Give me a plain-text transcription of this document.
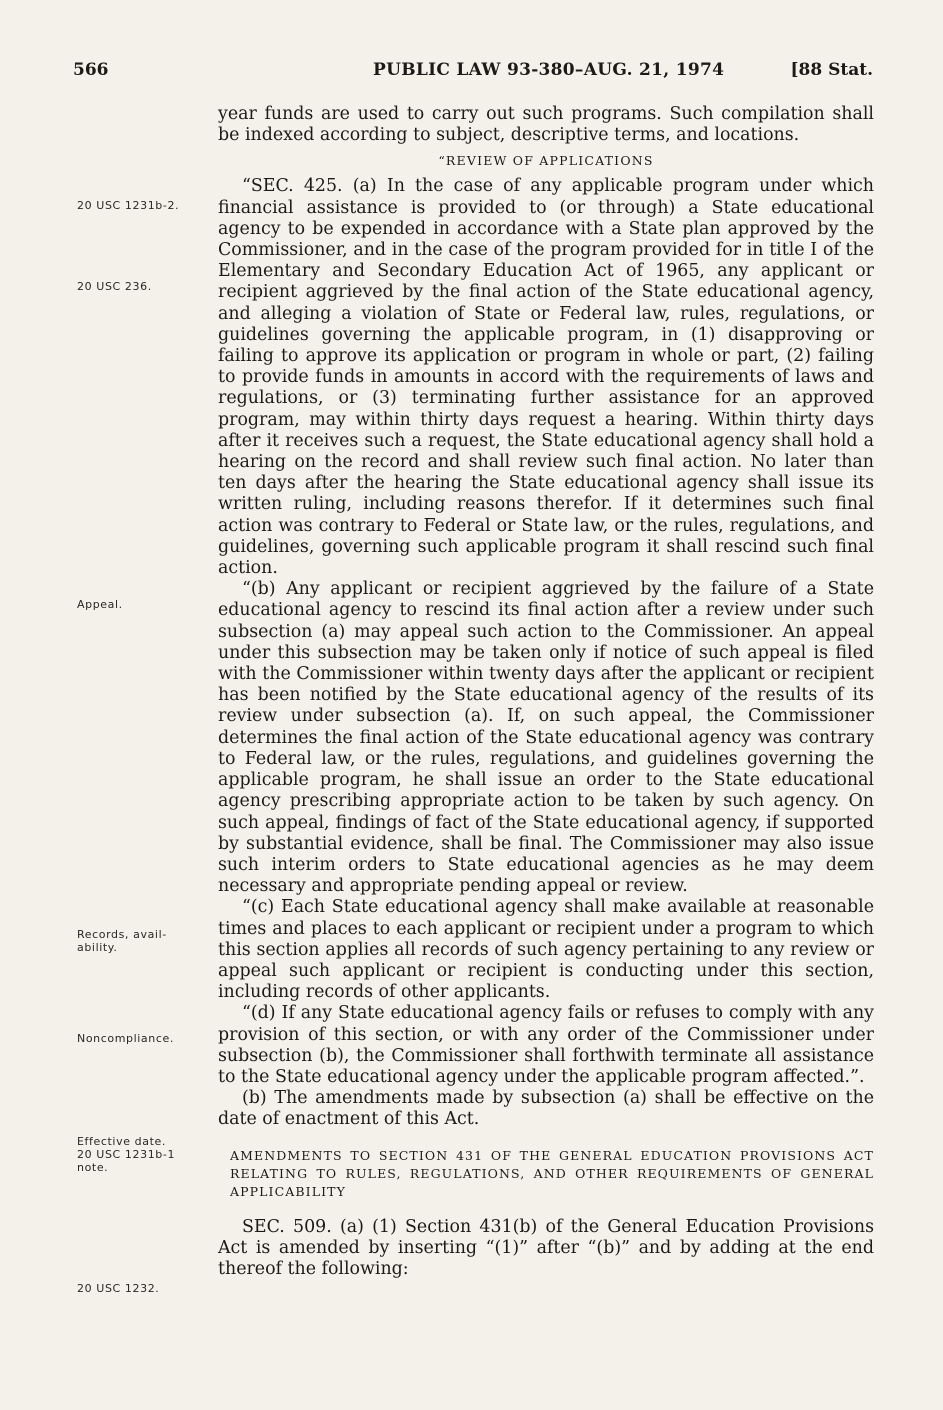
566	PUBLIC LAW 93-380–AUG. 21, 1974	[88 Stat.
20 USC 1231b-2.
20 USC 236.
Appeal.
Records, avail-
ability.
Noncompliance.
Effective date.
20 USC 1231b-1
note.
20 USC 1232.

year funds are used to carry out such programs. Such compilation shall be indexed according to subject, descriptive terms, and locations.

“REVIEW OF APPLICATIONS

“SEC. 425. (a) In the case of any applicable program under which financial assistance is provided to (or through) a State educational agency to be expended in accordance with a State plan approved by the Commissioner, and in the case of the program provided for in title I of the Elementary and Secondary Education Act of 1965, any applicant or recipient aggrieved by the final action of the State educational agency, and alleging a violation of State or Federal law, rules, regulations, or guidelines governing the applicable program, in (1) disapproving or failing to approve its application or program in whole or part, (2) failing to provide funds in amounts in accord with the requirements of laws and regulations, or (3) terminating further assistance for an approved program, may within thirty days request a hearing. Within thirty days after it receives such a request, the State educational agency shall hold a hearing on the record and shall review such final action. No later than ten days after the hearing the State educational agency shall issue its written ruling, including reasons therefor. If it determines such final action was contrary to Federal or State law, or the rules, regulations, and guidelines, governing such applicable program it shall rescind such final action.

“(b) Any applicant or recipient aggrieved by the failure of a State educational agency to rescind its final action after a review under such subsection (a) may appeal such action to the Commissioner. An appeal under this subsection may be taken only if notice of such appeal is filed with the Commissioner within twenty days after the applicant or recipient has been notified by the State educational agency of the results of its review under subsection (a). If, on such appeal, the Commissioner determines the final action of the State educational agency was contrary to Federal law, or the rules, regulations, and guidelines governing the applicable program, he shall issue an order to the State educational agency prescribing appropriate action to be taken by such agency. On such appeal, findings of fact of the State educational agency, if supported by substantial evidence, shall be final. The Commissioner may also issue such interim orders to State educational agencies as he may deem necessary and appropriate pending appeal or review.

“(c) Each State educational agency shall make available at reasonable times and places to each applicant or recipient under a program to which this section applies all records of such agency pertaining to any review or appeal such applicant or recipient is conducting under this section, including records of other applicants.

“(d) If any State educational agency fails or refuses to comply with any provision of this section, or with any order of the Commissioner under subsection (b), the Commissioner shall forthwith terminate all assistance to the State educational agency under the applicable program affected.”.

(b) The amendments made by subsection (a) shall be effective on the date of enactment of this Act.

AMENDMENTS TO SECTION 431 OF THE GENERAL EDUCATION PROVISIONS ACT RELATING TO RULES, REGULATIONS, AND OTHER REQUIREMENTS OF GENERAL APPLICABILITY

SEC. 509. (a) (1) Section 431(b) of the General Education Provisions Act is amended by inserting “(1)” after “(b)” and by adding at the end thereof the following:
